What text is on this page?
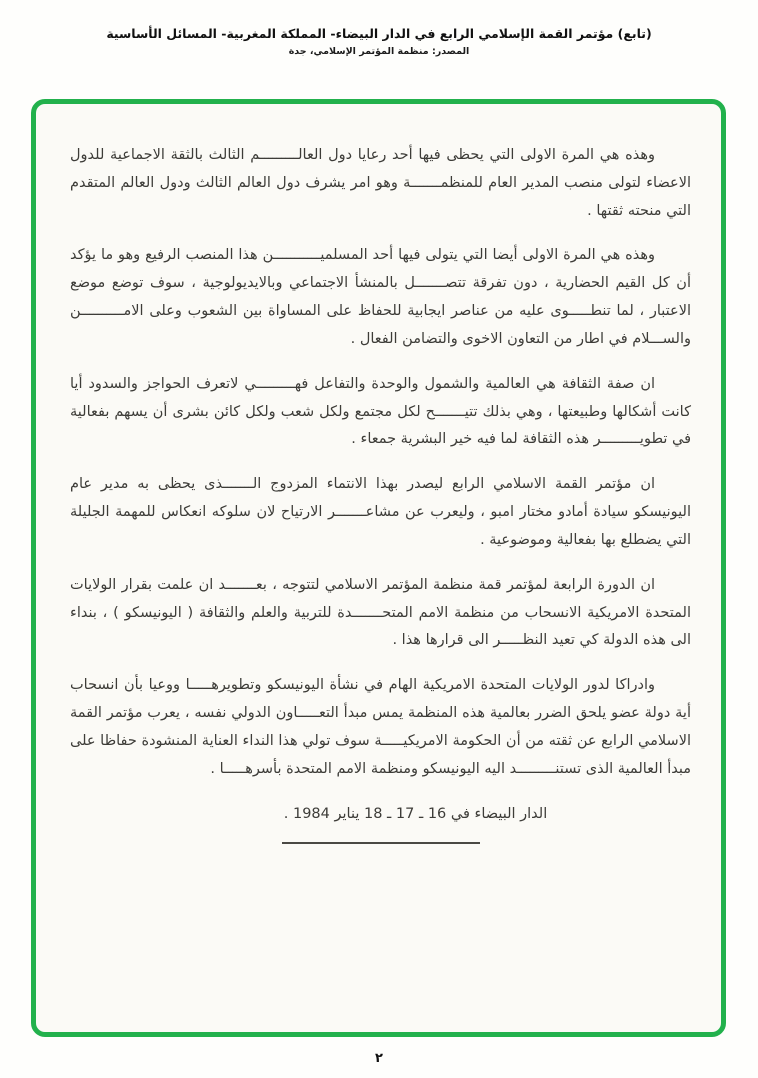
(تابع) مؤتمر القمة الإسلامي الرابع في الدار البيضاء- المملكة المغربية- المسائل الأساسية
المصدر: منظمة المؤتمر الإسلامي، جدة

وهذه هي المرة الاولى التي يحظى فيها أحد رعايا دول العالـــــــــم الثالث بالثقة الاجماعية للدول الاعضاء لتولى منصب المدير العام للمنظمـــــــة وهو امر يشرف دول العالم الثالث ودول العالم المتقدم التي منحته ثقتها .

وهذه هي المرة الاولى أيضا التي يتولى فيها أحد المسلميـــــــــــن هذا المنصب الرفيع وهو ما يؤكد أن كل القيم الحضارية ، دون تفرقة تتصـــــــل بالمنشأ الاجتماعي وبالايديولوجية ، سوف توضع موضع الاعتبار ، لما تنطـــــوى عليه من عناصر ايجابية للحفاظ على المساواة بين الشعوب وعلى الامــــــــــن والســـلام في اطار من التعاون الاخوى والتضامن الفعال .

ان صفة الثقافة هي العالمية والشمول والوحدة والتفاعل فهـــــــــي لاتعرف الحواجز والسدود أيا كانت أشكالها وطبيعتها ، وهي بذلك تتيـــــــح لكل مجتمع ولكل شعب ولكل كائن بشرى أن يسهم بفعالية في تطويـــــــــر هذه الثقافة لما فيه خير البشرية جمعاء .

ان مؤتمر القمة الاسلامي الرابع ليصدر بهذا الانتماء المزدوج الـــــــذى يحظى به مدير عام اليونيسكو سيادة أمادو مختار امبو ، وليعرب عن مشاعـــــــر الارتياح لان سلوكه انعكاس للمهمة الجليلة التي يضطلع بها بفعالية وموضوعية .

ان الدورة الرابعة لمؤتمر قمة منظمة المؤتمر الاسلامي لتتوجه ، بعـــــــد ان علمت بقرار الولايات المتحدة الامريكية الانسحاب من منظمة الامم المتحـــــــدة للتربية والعلم والثقافة ( اليونيسكو ) ، بنداء الى هذه الدولة كي تعيد النظـــــر الى قرارها هذا .

وادراكا لدور الولايات المتحدة الامريكية الهام في نشأة اليونيسكو وتطويرهـــــا ووعيا بأن انسحاب أية دولة عضو يلحق الضرر بعالمية هذه المنظمة يمس مبدأ التعـــــاون الدولي نفسه ، يعرب مؤتمر القمة الاسلامي الرابع عن ثقته من أن الحكومة الامريكيـــــة سوف تولي هذا النداء العناية المنشودة حفاظا على مبدأ العالمية الذى تستنـــــــــد اليه اليونيسكو ومنظمة الامم المتحدة بأسرهـــــا .

الدار البيضاء في 16 ـ 17 ـ 18 يناير 1984 .
٢
